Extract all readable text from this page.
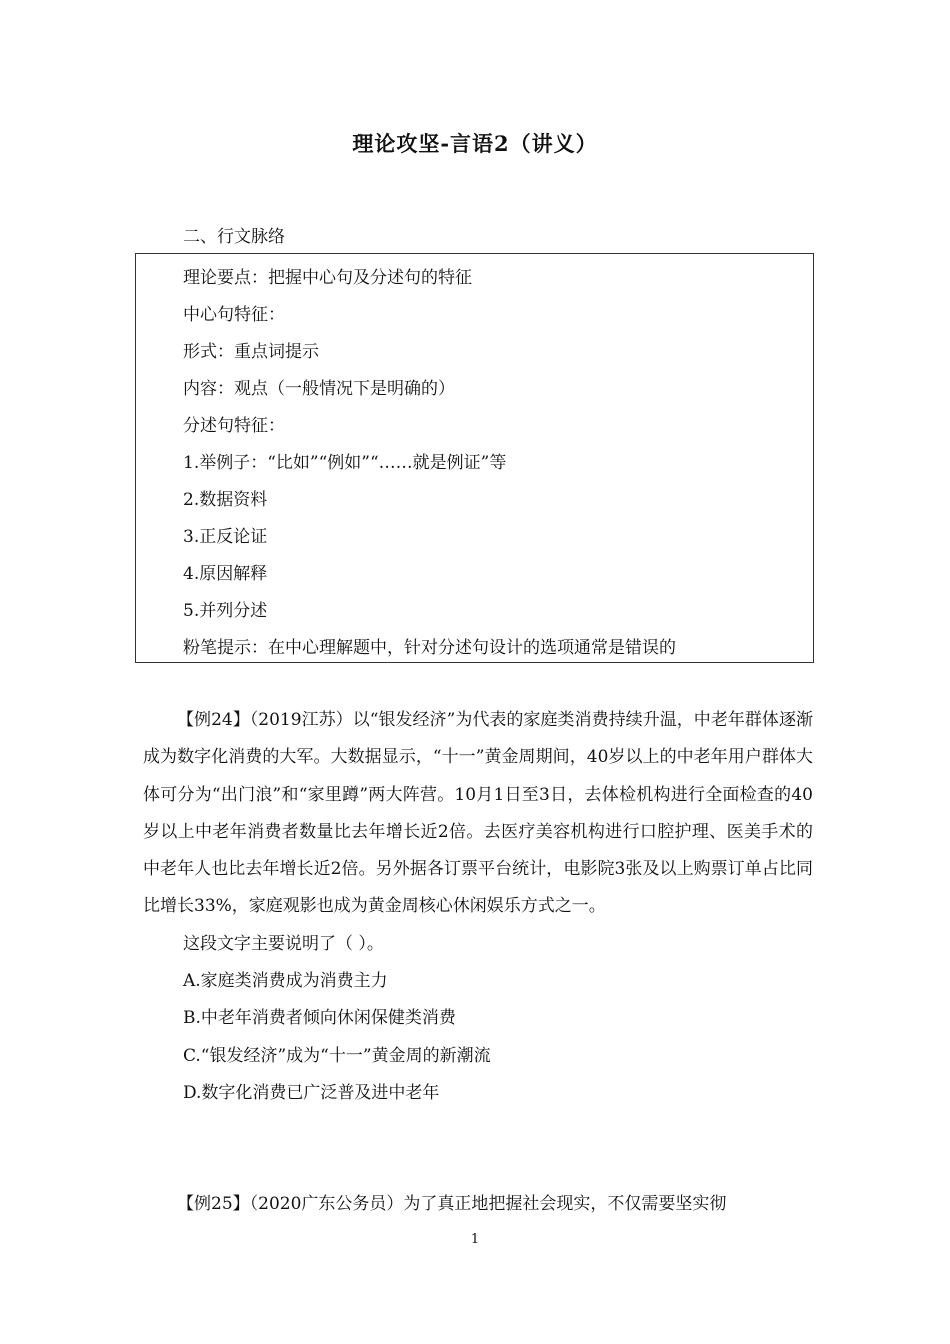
理论攻坚-言语2（讲义）
二、行文脉络
理论要点：把握中心句及分述句的特征
中心句特征：
形式：重点词提示
内容：观点（一般情况下是明确的）
分述句特征：
1.举例子：“比如”“例如”“……就是例证”等
2.数据资料
3.正反论证
4.原因解释
5.并列分述
粉笔提示：在中心理解题中，针对分述句设计的选项通常是错误的

【例24】（2019江苏）以“银发经济”为代表的家庭类消费持续升温，中老年群体逐渐成为数字化消费的大军。大数据显示，“十一”黄金周期间，40岁以上的中老年用户群体大体可分为“出门浪”和“家里蹲”两大阵营。10月1日至3日，去体检机构进行全面检查的40岁以上中老年消费者数量比去年增长近2倍。去医疗美容机构进行口腔护理、医美手术的中老年人也比去年增长近2倍。另外据各订票平台统计，电影院3张及以上购票订单占比同比增长33%，家庭观影也成为黄金周核心休闲娱乐方式之一。

这段文字主要说明了（ ）。
A.家庭类消费成为消费主力
B.中老年消费者倾向休闲保健类消费
C.“银发经济”成为“十一”黄金周的新潮流
D.数字化消费已广泛普及进中老年

【例25】（2020广东公务员）为了真正地把握社会现实，不仅需要坚实彻

1
